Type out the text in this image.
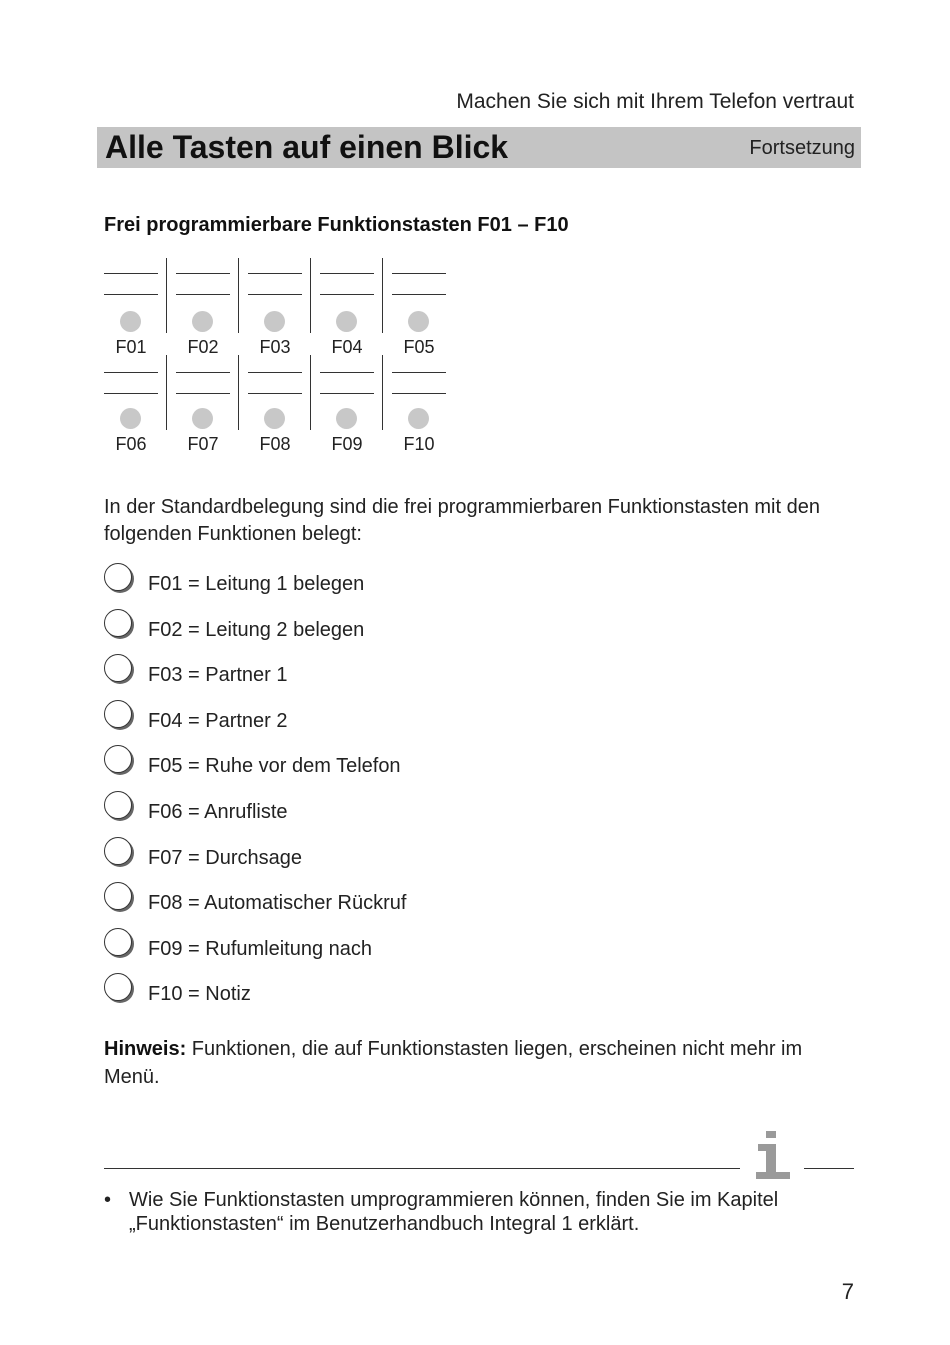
Machen Sie sich mit Ihrem Telefon vertraut
Alle Tasten auf einen Blick	Fortsetzung
Frei programmierbare Funktionstasten F01 – F10
F01	F02	F03	F04	F05
F06	F07	F08	F09	F10
In der Standardbelegung sind die frei programmierbaren Funktionstasten mit den folgenden Funktionen belegt:
F01 = Leitung 1 belegen
F02 = Leitung 2 belegen
F03 = Partner 1
F04 = Partner 2
F05 = Ruhe vor dem Telefon
F06 = Anrufliste
F07 = Durchsage
F08 = Automatischer Rückruf
F09 = Rufumleitung nach
F10 = Notiz
Hinweis: Funktionen, die auf Funktionstasten liegen, erscheinen nicht mehr im Menü.
• Wie Sie Funktionstasten umprogrammieren können, finden Sie im Kapitel „Funktionstasten“ im Benutzerhandbuch Integral 1 erklärt.
7
